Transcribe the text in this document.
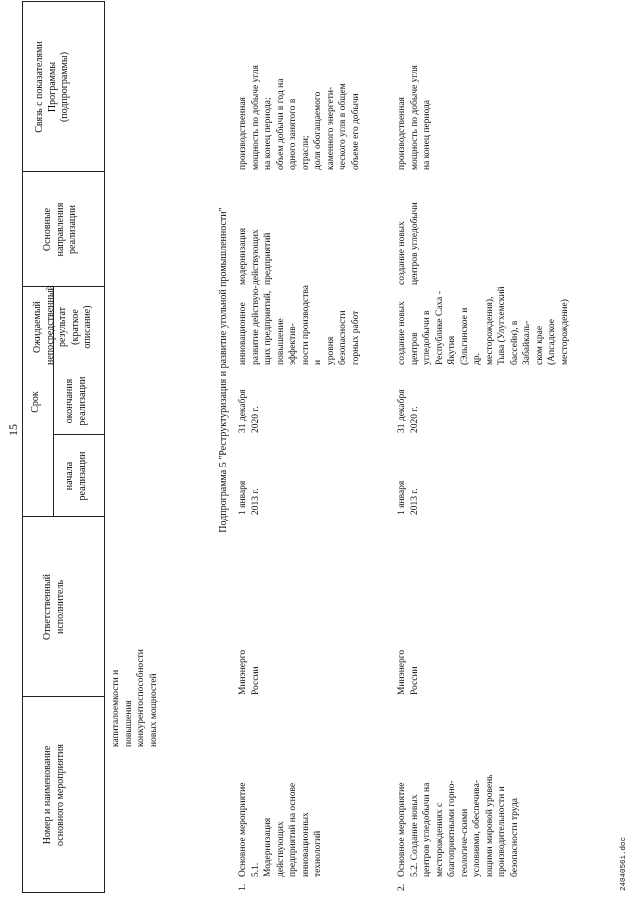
15
Номер и наименование
основного мероприятия
Ответственный
исполнитель
Срок
начала
реализации
окончания
реализации
Ожидаемый
непосредственный
результат (краткое
описание)
Основные
направления
реализации
Связь с показателями
Программы
(подпрограммы)
капиталоемкости и
повышения
конкурентоспособности
новых мощностей
Подпрограмма 5 "Реструктуризация и развитие угольной промышленности"
1.
Основное мероприятие
5.1.
Модернизация
действующих
предприятий на основе
инновационных
технологий
Минэнерго
России
1 января
2013 г.
31 декабря
2020 г.
инновационное
развитие действую-
щих предприятий,
повышение эффектив-
ности производства и
уровня безопасности
горных работ
модернизация
действующих
предприятий
производственная
мощность по добыче угля
на конец периода;
объем добычи в год на
одного занятого в
отрасли;
доля обогащаемого
каменного энергети-
ческого угля в общем
объеме его добычи
2.
Основное мероприятие
5.2. Создание новых
центров угледобычи на
месторождениях с
благоприятными горно-
геологиче-скими
условиями, обеспечива-
ющими мировой уровень
производительности и
безопасности труда
Минэнерго
России
1 января
2013 г.
31 декабря
2020 г.
создание новых
центров угледобычи в
Республике Саха -
Якутия (Эльгинское и
др. месторождения),
Тыва (Улугхемский
бассейн), в Забайкаль-
ском крае (Апсадское
месторождение)
создание новых
центров угледобычи
производственная
мощность по добыче угля
на конец периода
2404056i.doc
